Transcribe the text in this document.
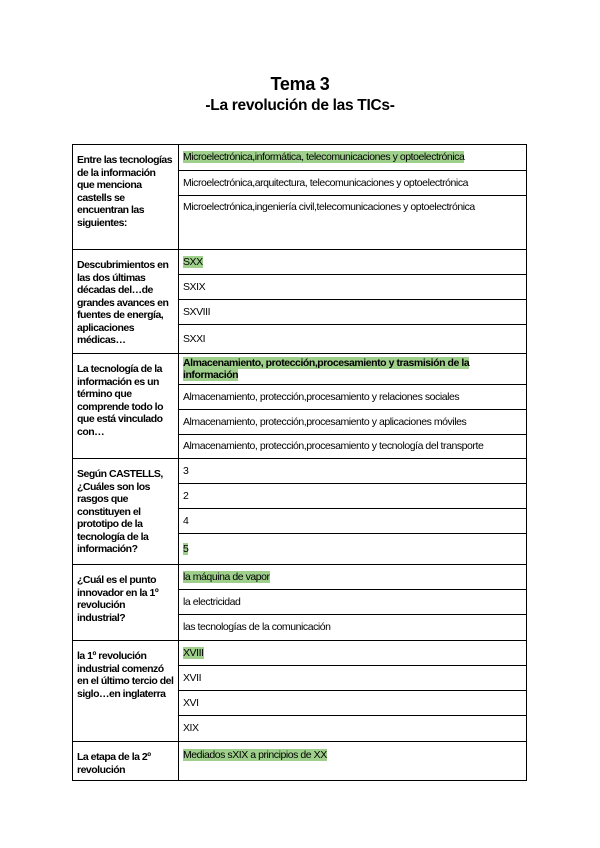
Tema 3
-La revolución de las TICs-
Entre las tecnologías de la información que menciona castells se encuentran las siguientes:	Microelectrónica,informática, telecomunicaciones y optoelectrónica
	Microelectrónica,arquitectura, telecomunicaciones y optoelectrónica
	Microelectrónica,ingeniería civil,telecomunicaciones y optoelectrónica
Descubrimientos en las dos últimas décadas del…de grandes avances en fuentes de energía, aplicaciones médicas…	SXX
	SXIX
	SXVIII
	SXXI
La tecnología de la información es un término que comprende todo lo que está vinculado con…	Almacenamiento, protección,procesamiento y trasmisión de la información
	Almacenamiento, protección,procesamiento y relaciones sociales
	Almacenamiento, protección,procesamiento y aplicaciones móviles
	Almacenamiento, protección,procesamiento y tecnología del transporte
Según CASTELLS, ¿Cuáles son los rasgos que constituyen el prototipo de la tecnología de la información?	3
	2
	4
	5
¿Cuál es el punto innovador en la 1º revolución industrial?	la máquina de vapor
	la electricidad
	las tecnologías de la comunicación
la 1º revolución industrial comenzó en el último tercio del siglo…en inglaterra	XVIII
	XVII
	XVI
	XIX
La etapa de la 2º revolución	Mediados sXIX a principios de XX
